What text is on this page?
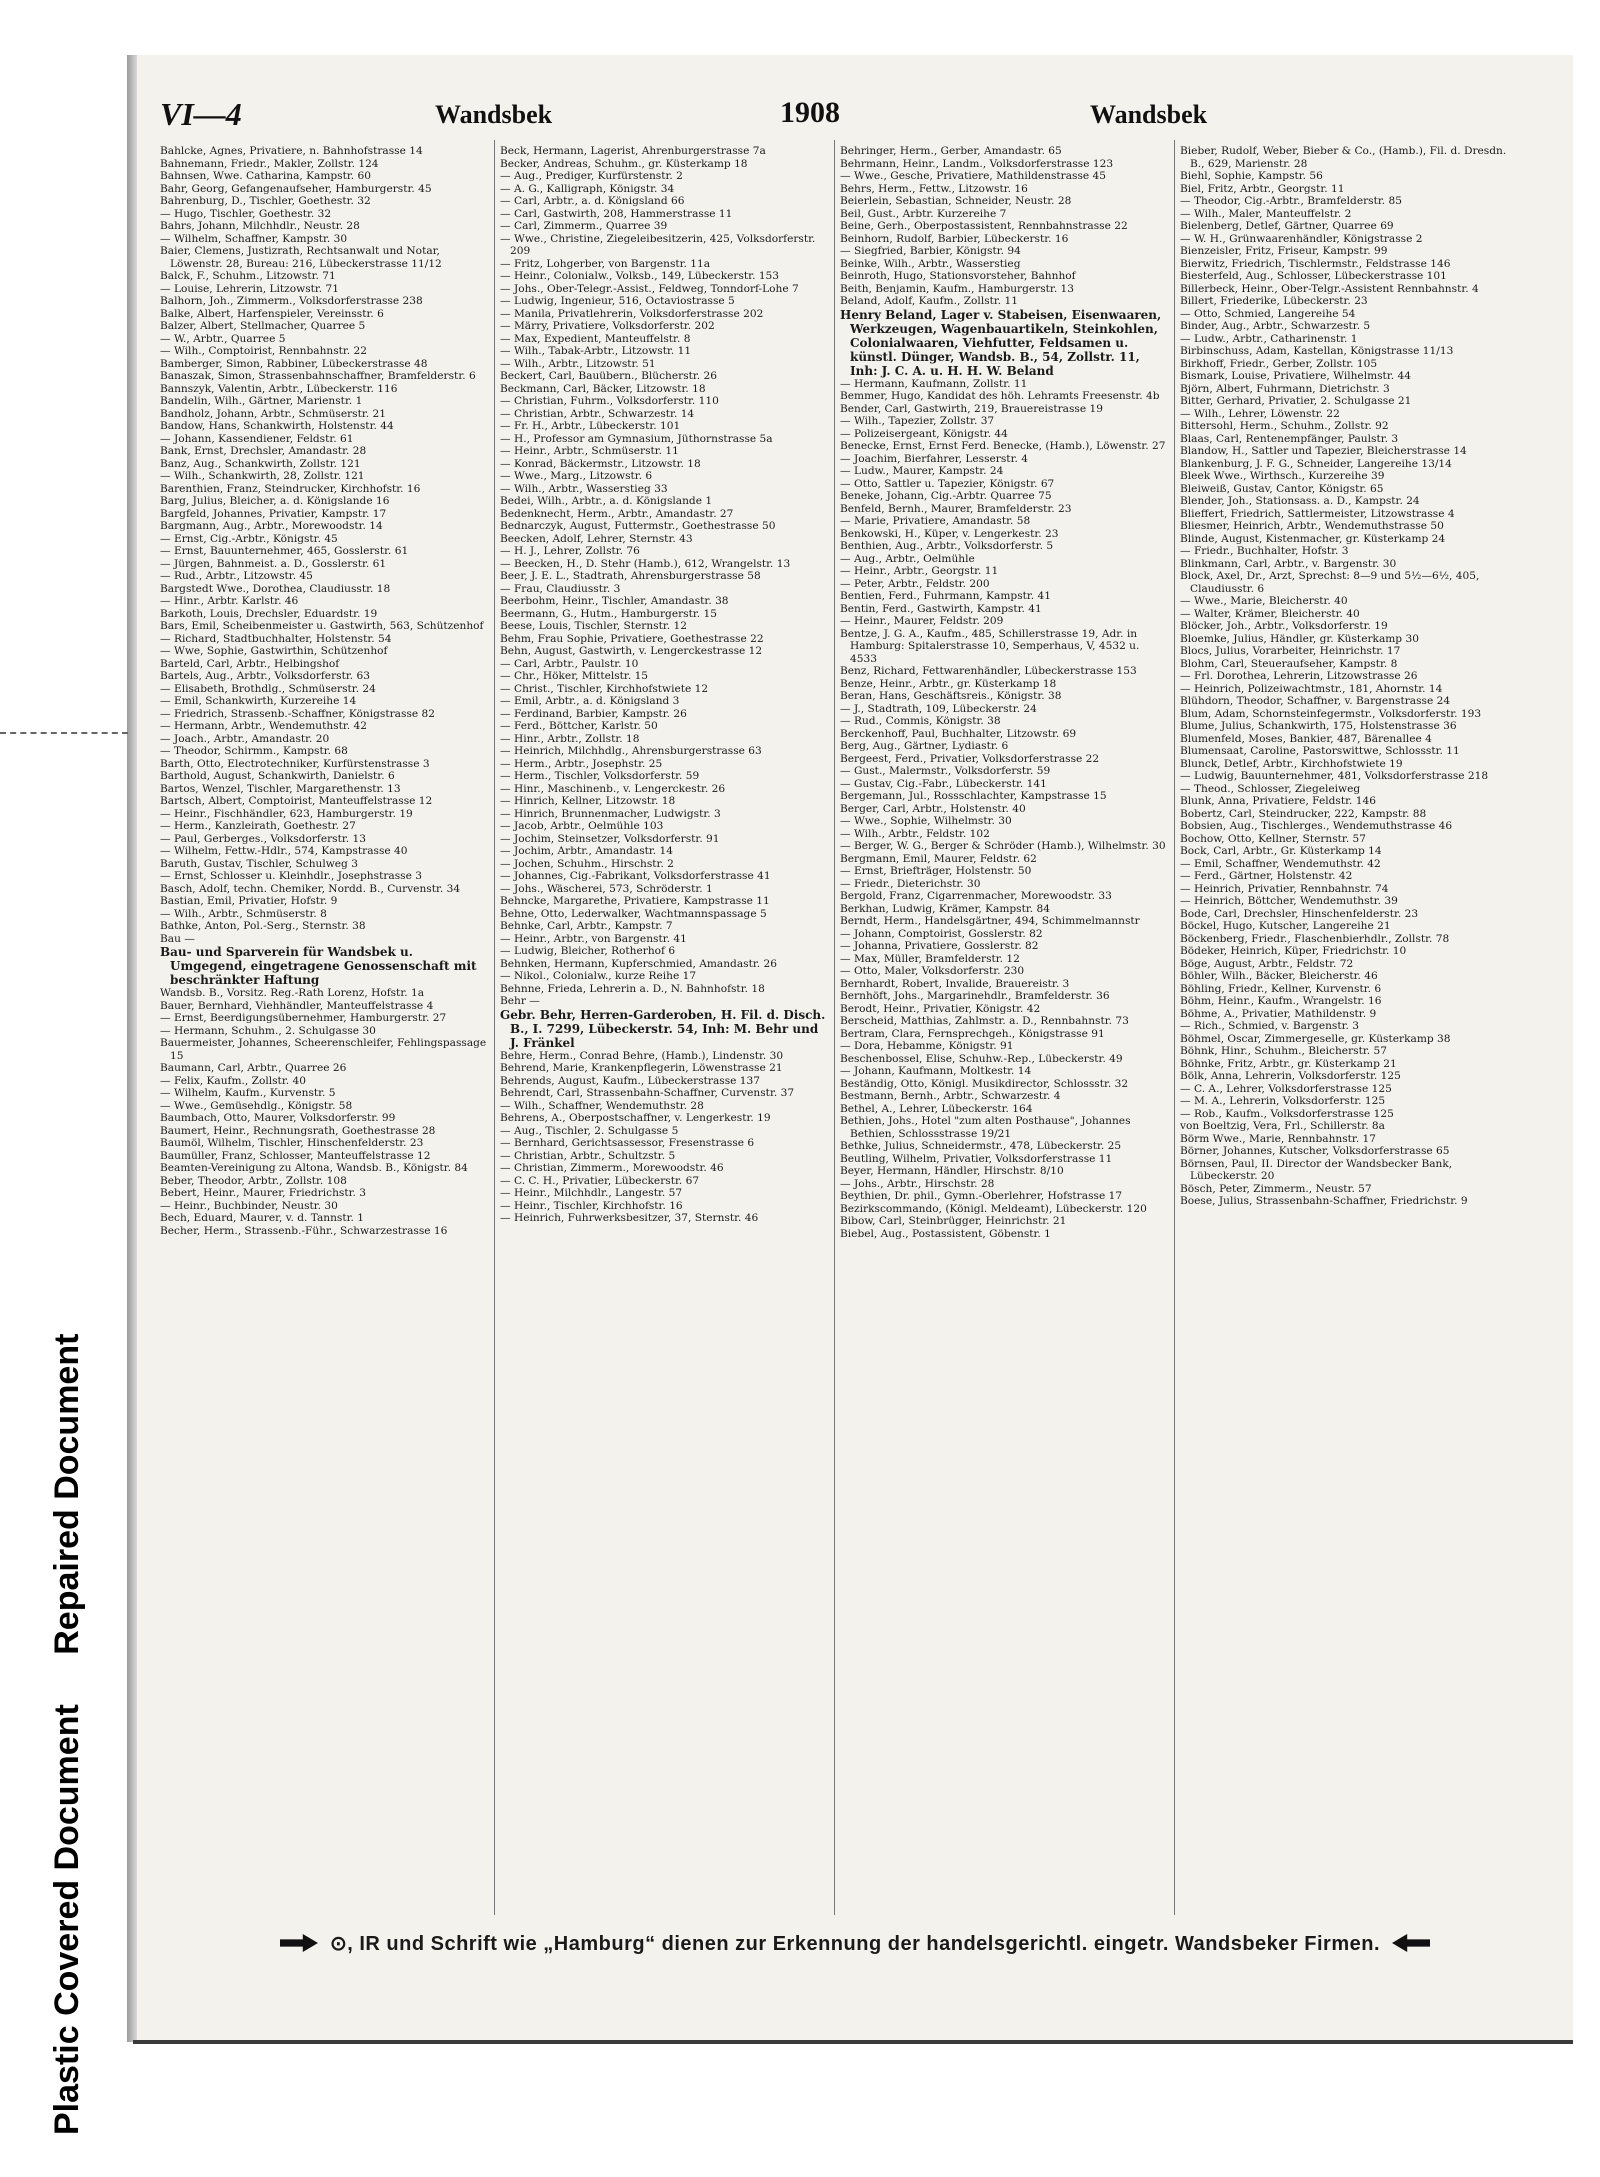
Plastic Covered Document Repaired Document
VI—4	Wandsbek	1908	Wandsbek
Bahlcke, Agnes, Privatiere, n. Bahnhofstrasse 14
Bahnemann, Friedr., Makler, Zollstr. 124
Bahnsen, Wwe. Catharina, Kampstr. 60
Bahr, Georg, Gefangenaufseher, Hamburgerstr. 45
Bahrenburg, D., Tischler, Goethestr. 32
— Hugo, Tischler, Goethestr. 32
Bahrs, Johann, Milchhdlr., Neustr. 28
— Wilhelm, Schaffner, Kampstr. 30
Baier, Clemens, Justizrath, Rechtsanwalt und Notar, Löwenstr. 28, Bureau: 216, Lübeckerstrasse 11/12
Balck, F., Schuhm., Litzowstr. 71
— Louise, Lehrerin, Litzowstr. 71
Balhorn, Joh., Zimmerm., Volksdorferstrasse 238
Balke, Albert, Harfenspieler, Vereinsstr. 6
Balzer, Albert, Stellmacher, Quarree 5
— W., Arbtr., Quarree 5
— Wilh., Comptoirist, Rennbahnstr. 22
Bamberger, Simon, Rabbiner, Lübeckerstrasse 48
Banaszak, Simon, Strassenbahnschaffner, Bramfelderstr. 6
Bannszyk, Valentin, Arbtr., Lübeckerstr. 116
Bandelin, Wilh., Gärtner, Marienstr. 1
Bandholz, Johann, Arbtr., Schmüserstr. 21
Bandow, Hans, Schankwirth, Holstenstr. 44
— Johann, Kassendiener, Feldstr. 61
Bank, Ernst, Drechsler, Amandastr. 28
Banz, Aug., Schankwirth, Zollstr. 121
— Wilh., Schankwirth, 28, Zollstr. 121
Barenthien, Franz, Steindrucker, Kirchhofstr. 16
Barg, Julius, Bleicher, a. d. Königslande 16
Bargfeld, Johannes, Privatier, Kampstr. 17
Bargmann, Aug., Arbtr., Morewoodstr. 14
— Ernst, Cig.-Arbtr., Königstr. 45
— Ernst, Bauunternehmer, 465, Gosslerstr. 61
— Jürgen, Bahnmeist. a. D., Gosslerstr. 61
— Rud., Arbtr., Litzowstr. 45
Bargstedt Wwe., Dorothea, Claudiusstr. 18
— Hinr., Arbtr. Karlstr. 46
Barkoth, Louis, Drechsler, Eduardstr. 19
Bars, Emil, Scheibenmeister u. Gastwirth, 563, Schützenhof
— Richard, Stadtbuchhalter, Holstenstr. 54
— Wwe, Sophie, Gastwirthin, Schützenhof
Barteld, Carl, Arbtr., Helbingshof
Bartels, Aug., Arbtr., Volksdorferstr. 63
— Elisabeth, Brothdlg., Schmüserstr. 24
— Emil, Schankwirth, Kurzereihe 14
— Friedrich, Strassenb.-Schaffner, Königstrasse 82
— Hermann, Arbtr., Wendemuthstr. 42
— Joach., Arbtr., Amandastr. 20
— Theodor, Schirmm., Kampstr. 68
Barth, Otto, Electrotechniker, Kurfürstenstrasse 3
Barthold, August, Schankwirth, Danielstr. 6
Bartos, Wenzel, Tischler, Margarethenstr. 13
Bartsch, Albert, Comptoirist, Manteuffelstrasse 12
— Heinr., Fischhändler, 623, Hamburgerstr. 19
— Herm., Kanzleirath, Goethestr. 27
— Paul, Gerberges., Volksdorferstr. 13
— Wilhelm, Fettw.-Hdlr., 574, Kampstrasse 40
Baruth, Gustav, Tischler, Schulweg 3
— Ernst, Schlosser u. Kleinhdlr., Josephstrasse 3
Basch, Adolf, techn. Chemiker, Nordd. B., Curvenstr. 34
Bastian, Emil, Privatier, Hofstr. 9
— Wilh., Arbtr., Schmüserstr. 8
Bathke, Anton, Pol.-Serg., Sternstr. 38
Bau —
Bau- und Sparverein für Wandsbek u. Umgegend, eingetragene Genossenschaft mit beschränkter Haftung
Wandsb. B., Vorsitz. Reg.-Rath Lorenz, Hofstr. 1a
Bauer, Bernhard, Viehhändler, Manteuffelstrasse 4
— Ernst, Beerdigungsübernehmer, Hamburgerstr. 27
— Hermann, Schuhm., 2. Schulgasse 30
Bauermeister, Johannes, Scheerenschleifer, Fehlingspassage 15
Baumann, Carl, Arbtr., Quarree 26
— Felix, Kaufm., Zollstr. 40
— Wilhelm, Kaufm., Kurvenstr. 5
— Wwe., Gemüsehdlg., Königstr. 58
Baumbach, Otto, Maurer, Volksdorferstr. 99
Baumert, Heinr., Rechnungsrath, Goethestrasse 28
Baumöl, Wilhelm, Tischler, Hinschenfelderstr. 23
Baumüller, Franz, Schlosser, Manteuffelstrasse 12
Beamten-Vereinigung zu Altona, Wandsb. B., Königstr. 84
Beber, Theodor, Arbtr., Zollstr. 108
Bebert, Heinr., Maurer, Friedrichstr. 3
— Heinr., Buchbinder, Neustr. 30
Bech, Eduard, Maurer, v. d. Tannstr. 1
Becher, Herm., Strassenb.-Führ., Schwarzestrasse 16
Beck, Hermann, Lagerist, Ahrenburgerstrasse 7a
Becker, Andreas, Schuhm., gr. Küsterkamp 18
— Aug., Prediger, Kurfürstenstr. 2
— A. G., Kalligraph, Königstr. 34
— Carl, Arbtr., a. d. Königsland 66
— Carl, Gastwirth, 208, Hammerstrasse 11
— Carl, Zimmerm., Quarree 39
— Wwe., Christine, Ziegeleibesitzerin, 425, Volksdorferstr. 209
— Fritz, Lohgerber, von Bargenstr. 11a
— Heinr., Colonialw., Volksb., 149, Lübeckerstr. 153
— Johs., Ober-Telegr.-Assist., Feldweg, Tonndorf-Lohe 7
— Ludwig, Ingenieur, 516, Octaviostrasse 5
— Manila, Privatlehrerin, Volksdorferstrasse 202
— Märry, Privatiere, Volksdorferstr. 202
— Max, Expedient, Manteuffelstr. 8
— Wilh., Tabak-Arbtr., Litzowstr. 11
— Wilh., Arbtr., Litzowstr. 51
Beckert, Carl, Bauübern., Blücherstr. 26
Beckmann, Carl, Bäcker, Litzowstr. 18
— Christian, Fuhrm., Volksdorferstr. 110
— Christian, Arbtr., Schwarzestr. 14
— Fr. H., Arbtr., Lübeckerstr. 101
— H., Professor am Gymnasium, Jüthornstrasse 5a
— Heinr., Arbtr., Schmüserstr. 11
— Konrad, Bäckermstr., Litzowstr. 18
— Wwe., Marg., Litzowstr. 6
— Wilh., Arbtr., Wasserstieg 33
Bedei, Wilh., Arbtr., a. d. Königslande 1
Bedenknecht, Herm., Arbtr., Amandastr. 27
Bednarczyk, August, Futtermstr., Goethestrasse 50
Beecken, Adolf, Lehrer, Sternstr. 43
— H. J., Lehrer, Zollstr. 76
— Beecken, H., D. Stehr (Hamb.), 612, Wrangelstr. 13
Beer, J. E. L., Stadtrath, Ahrensburgerstrasse 58
— Frau, Claudiusstr. 3
Beerbohm, Heinr., Tischler, Amandastr. 38
Beermann, G., Hutm., Hamburgerstr. 15
Beese, Louis, Tischler, Sternstr. 12
Behm, Frau Sophie, Privatiere, Goethestrasse 22
Behn, August, Gastwirth, v. Lengerckestrasse 12
— Carl, Arbtr., Paulstr. 10
— Chr., Höker, Mittelstr. 15
— Christ., Tischler, Kirchhofstwiete 12
— Emil, Arbtr., a. d. Königsland 3
— Ferdinand, Barbier, Kampstr. 26
— Ferd., Böttcher, Karlstr. 50
— Hinr., Arbtr., Zollstr. 18
— Heinrich, Milchhdlg., Ahrensburgerstrasse 63
— Herm., Arbtr., Josephstr. 25
— Herm., Tischler, Volksdorferstr. 59
— Hinr., Maschinenb., v. Lengerckestr. 26
— Hinrich, Kellner, Litzowstr. 18
— Hinrich, Brunnenmacher, Ludwigstr. 3
— Jacob, Arbtr., Oelmühle 103
— Jochim, Steinsetzer, Volksdorferstr. 91
— Jochim, Arbtr., Amandastr. 14
— Jochen, Schuhm., Hirschstr. 2
— Johannes, Cig.-Fabrikant, Volksdorferstrasse 41
— Johs., Wäscherei, 573, Schröderstr. 1
Behncke, Margarethe, Privatiere, Kampstrasse 11
Behne, Otto, Lederwalker, Wachtmannspassage 5
Behnke, Carl, Arbtr., Kampstr. 7
— Heinr., Arbtr., von Bargenstr. 41
— Ludwig, Bleicher, Rotherhof 6
Behnken, Hermann, Kupferschmied, Amandastr. 26
— Nikol., Colonialw., kurze Reihe 17
Behnne, Frieda, Lehrerin a. D., N. Bahnhofstr. 18
Behr —
Gebr. Behr, Herren-Garderoben, H. Fil. d. Disch. B., I. 7299, Lübeckerstr. 54, Inh: M. Behr und J. Fränkel
Behre, Herm., Conrad Behre, (Hamb.), Lindenstr. 30
Behrend, Marie, Krankenpflegerin, Löwenstrasse 21
Behrends, August, Kaufm., Lübeckerstrasse 137
Behrendt, Carl, Strassenbahn-Schaffner, Curvenstr. 37
— Wilh., Schaffner, Wendemuthstr. 28
Behrens, A., Oberpostschaffner, v. Lengerkestr. 19
— Aug., Tischler, 2. Schulgasse 5
— Bernhard, Gerichtsassessor, Fresenstrasse 6
— Christian, Arbtr., Schultzstr. 5
— Christian, Zimmerm., Morewoodstr. 46
— C. C. H., Privatier, Lübeckerstr. 67
— Heinr., Milchhdlr., Langestr. 57
— Heinr., Tischler, Kirchhofstr. 16
— Heinrich, Fuhrwerksbesitzer, 37, Sternstr. 46
Behringer, Herm., Gerber, Amandastr. 65
Behrmann, Heinr., Landm., Volksdorferstrasse 123
— Wwe., Gesche, Privatiere, Mathildenstrasse 45
Behrs, Herm., Fettw., Litzowstr. 16
Beierlein, Sebastian, Schneider, Neustr. 28
Beil, Gust., Arbtr. Kurzereihe 7
Beine, Gerh., Oberpostassistent, Rennbahnstrasse 22
Beinhorn, Rudolf, Barbier, Lübeckerstr. 16
— Siegfried, Barbier, Königstr. 94
Beinke, Wilh., Arbtr., Wasserstieg
Beinroth, Hugo, Stationsvorsteher, Bahnhof
Beith, Benjamin, Kaufm., Hamburgerstr. 13
Beland, Adolf, Kaufm., Zollstr. 11
Henry Beland, Lager v. Stabeisen, Eisenwaaren, Werkzeugen, Wagenbauartikeln, Steinkohlen, Colonialwaaren, Viehfutter, Feldsamen u. künstl. Dünger, Wandsb. B., 54, Zollstr. 11, Inh: J. C. A. u. H. H. W. Beland
— Hermann, Kaufmann, Zollstr. 11
Bemmer, Hugo, Kandidat des höh. Lehramts Freesenstr. 4b
Bender, Carl, Gastwirth, 219, Brauereistrasse 19
— Wilh., Tapezier, Zollstr. 37
— Polizeisergeant, Königstr. 44
Benecke, Ernst, Ernst Ferd. Benecke, (Hamb.), Löwenstr. 27
— Joachim, Bierfahrer, Lesserstr. 4
— Ludw., Maurer, Kampstr. 24
— Otto, Sattler u. Tapezier, Königstr. 67
Beneke, Johann, Cig.-Arbtr. Quarree 75
Benfeld, Bernh., Maurer, Bramfelderstr. 23
— Marie, Privatiere, Amandastr. 58
Benkowski, H., Küper, v. Lengerkestr. 23
Benthien, Aug., Arbtr., Volksdorferstr. 5
— Aug., Arbtr., Oelmühle
— Heinr., Arbtr., Georgstr. 11
— Peter, Arbtr., Feldstr. 200
Bentien, Ferd., Fuhrmann, Kampstr. 41
Bentin, Ferd., Gastwirth, Kampstr. 41
— Heinr., Maurer, Feldstr. 209
Bentze, J. G. A., Kaufm., 485, Schillerstrasse 19, Adr. in Hamburg: Spitalerstrasse 10, Semperhaus, V, 4532 u. 4533
Benz, Richard, Fettwarenhändler, Lübeckerstrasse 153
Benze, Heinr., Arbtr., gr. Küsterkamp 18
Beran, Hans, Geschäftsreis., Königstr. 38
— J., Stadtrath, 109, Lübeckerstr. 24
— Rud., Commis, Königstr. 38
Berckenhoff, Paul, Buchhalter, Litzowstr. 69
Berg, Aug., Gärtner, Lydiastr. 6
Bergeest, Ferd., Privatier, Volksdorferstrasse 22
— Gust., Malermstr., Volksdorferstr. 59
— Gustav, Cig.-Fabr., Lübeckerstr. 141
Bergemann, Jul., Rossschlachter, Kampstrasse 15
Berger, Carl, Arbtr., Holstenstr. 40
— Wwe., Sophie, Wilhelmstr. 30
— Wilh., Arbtr., Feldstr. 102
— Berger, W. G., Berger & Schröder (Hamb.), Wilhelmstr. 30
Bergmann, Emil, Maurer, Feldstr. 62
— Ernst, Briefträger, Holstenstr. 50
— Friedr., Dieterichstr. 30
Bergold, Franz, Cigarrenmacher, Morewoodstr. 33
Berkhan, Ludwig, Krämer, Kampstr. 84
Berndt, Herm., Handelsgärtner, 494, Schimmelmannstr
— Johann, Comptoirist, Gosslerstr. 82
— Johanna, Privatiere, Gosslerstr. 82
— Max, Müller, Bramfelderstr. 12
— Otto, Maler, Volksdorferstr. 230
Bernhardt, Robert, Invalide, Brauereistr. 3
Bernhöft, Johs., Margarinehdlr., Bramfelderstr. 36
Berodt, Heinr., Privatier, Königstr. 42
Berscheid, Matthias, Zahlmstr. a. D., Rennbahnstr. 73
Bertram, Clara, Fernsprechgeh., Königstrasse 91
— Dora, Hebamme, Königstr. 91
Beschenbossel, Elise, Schuhw.-Rep., Lübeckerstr. 49
— Johann, Kaufmann, Moltkestr. 14
Beständig, Otto, Königl. Musikdirector, Schlossstr. 32
Bestmann, Bernh., Arbtr., Schwarzestr. 4
Bethel, A., Lehrer, Lübeckerstr. 164
Bethien, Johs., Hotel "zum alten Posthause", Johannes Bethien, Schlossstrasse 19/21
Bethke, Julius, Schneidermstr., 478, Lübeckerstr. 25
Beutling, Wilhelm, Privatier, Volksdorferstrasse 11
Beyer, Hermann, Händler, Hirschstr. 8/10
— Johs., Arbtr., Hirschstr. 28
Beythien, Dr. phil., Gymn.-Oberlehrer, Hofstrasse 17
Bezirkscommando, (Königl. Meldeamt), Lübeckerstr. 120
Bibow, Carl, Steinbrügger, Heinrichstr. 21
Biebel, Aug., Postassistent, Göbenstr. 1
Bieber, Rudolf, Weber, Bieber & Co., (Hamb.), Fil. d. Dresdn. B., 629, Marienstr. 28
Biehl, Sophie, Kampstr. 56
Biel, Fritz, Arbtr., Georgstr. 11
— Theodor, Cig.-Arbtr., Bramfelderstr. 85
— Wilh., Maler, Manteuffelstr. 2
Bielenberg, Detlef, Gärtner, Quarree 69
— W. H., Grünwaarenhändler, Königstrasse 2
Bienzeisler, Fritz, Friseur, Kampstr. 99
Bierwitz, Friedrich, Tischlermstr., Feldstrasse 146
Biesterfeld, Aug., Schlosser, Lübeckerstrasse 101
Billerbeck, Heinr., Ober-Telgr.-Assistent Rennbahnstr. 4
Billert, Friederike, Lübeckerstr. 23
— Otto, Schmied, Langereihe 54
Binder, Aug., Arbtr., Schwarzestr. 5
— Ludw., Arbtr., Catharinenstr. 1
Birbinschuss, Adam, Kastellan, Königstrasse 11/13
Birkhoff, Friedr., Gerber, Zollstr. 105
Bismark, Louise, Privatiere, Wilhelmstr. 44
Björn, Albert, Fuhrmann, Dietrichstr. 3
Bitter, Gerhard, Privatier, 2. Schulgasse 21
— Wilh., Lehrer, Löwenstr. 22
Bittersohl, Herm., Schuhm., Zollstr. 92
Blaas, Carl, Rentenempfänger, Paulstr. 3
Blandow, H., Sattler und Tapezier, Bleicherstrasse 14
Blankenburg, J. F. G., Schneider, Langereihe 13/14
Bleek Wwe., Wirthsch., Kurzereihe 39
Bleiweiß, Gustav, Cantor, Königstr. 65
Blender, Joh., Stationsass. a. D., Kampstr. 24
Blieffert, Friedrich, Sattlermeister, Litzowstrasse 4
Bliesmer, Heinrich, Arbtr., Wendemuthstrasse 50
Blinde, August, Kistenmacher, gr. Küsterkamp 24
— Friedr., Buchhalter, Hofstr. 3
Blinkmann, Carl, Arbtr., v. Bargenstr. 30
Block, Axel, Dr., Arzt, Sprechst: 8—9 und 5½—6½, 405, Claudiusstr. 6
— Wwe., Marie, Bleicherstr. 40
— Walter, Krämer, Bleicherstr. 40
Blöcker, Joh., Arbtr., Volksdorferstr. 19
Bloemke, Julius, Händler, gr. Küsterkamp 30
Blocs, Julius, Vorarbeiter, Heinrichstr. 17
Blohm, Carl, Steueraufseher, Kampstr. 8
— Frl. Dorothea, Lehrerin, Litzowstrasse 26
— Heinrich, Polizeiwachtmstr., 181, Ahornstr. 14
Blühdorn, Theodor, Schaffner, v. Bargenstrasse 24
Blum, Adam, Schornsteinfegermstr., Volksdorferstr. 193
Blume, Julius, Schankwirth, 175, Holstenstrasse 36
Blumenfeld, Moses, Bankier, 487, Bärenallee 4
Blumensaat, Caroline, Pastorswittwe, Schlossstr. 11
Blunck, Detlef, Arbtr., Kirchhofstwiete 19
— Ludwig, Bauunternehmer, 481, Volksdorferstrasse 218
— Theod., Schlosser, Ziegeleiweg
Blunk, Anna, Privatiere, Feldstr. 146
Bobertz, Carl, Steindrucker, 222, Kampstr. 88
Bobsien, Aug., Tischlerges., Wendemuthstrasse 46
Bochow, Otto, Kellner, Sternstr. 57
Bock, Carl, Arbtr., Gr. Küsterkamp 14
— Emil, Schaffner, Wendemuthstr. 42
— Ferd., Gärtner, Holstenstr. 42
— Heinrich, Privatier, Rennbahnstr. 74
— Heinrich, Böttcher, Wendemuthstr. 39
Bode, Carl, Drechsler, Hinschenfelderstr. 23
Böckel, Hugo, Kutscher, Langereihe 21
Böckenberg, Friedr., Flaschenbierhdlr., Zollstr. 78
Bödeker, Heinrich, Küper, Friedrichstr. 10
Böge, August, Arbtr., Feldstr. 72
Böhler, Wilh., Bäcker, Bleicherstr. 46
Böhling, Friedr., Kellner, Kurvenstr. 6
Böhm, Heinr., Kaufm., Wrangelstr. 16
Böhme, A., Privatier, Mathildenstr. 9
— Rich., Schmied, v. Bargenstr. 3
Böhmel, Oscar, Zimmergeselle, gr. Küsterkamp 38
Böhnk, Hinr., Schuhm., Bleicherstr. 57
Böhnke, Fritz, Arbtr., gr. Küsterkamp 21
Bölk, Anna, Lehrerin, Volksdorferstr. 125
— C. A., Lehrer, Volksdorferstrasse 125
— M. A., Lehrerin, Volksdorferstr. 125
— Rob., Kaufm., Volksdorferstrasse 125
von Boeltzig, Vera, Frl., Schillerstr. 8a
Börm Wwe., Marie, Rennbahnstr. 17
Börner, Johannes, Kutscher, Volksdorferstrasse 65
Börnsen, Paul, II. Director der Wandsbecker Bank, Lübeckerstr. 20
Bösch, Peter, Zimmerm., Neustr. 57
Boese, Julius, Strassenbahn-Schaffner, Friedrichstr. 9
⊙, IR und Schrift wie „Hamburg“ dienen zur Erkennung der handelsgerichtl. eingetr. Wandsbeker Firmen.
